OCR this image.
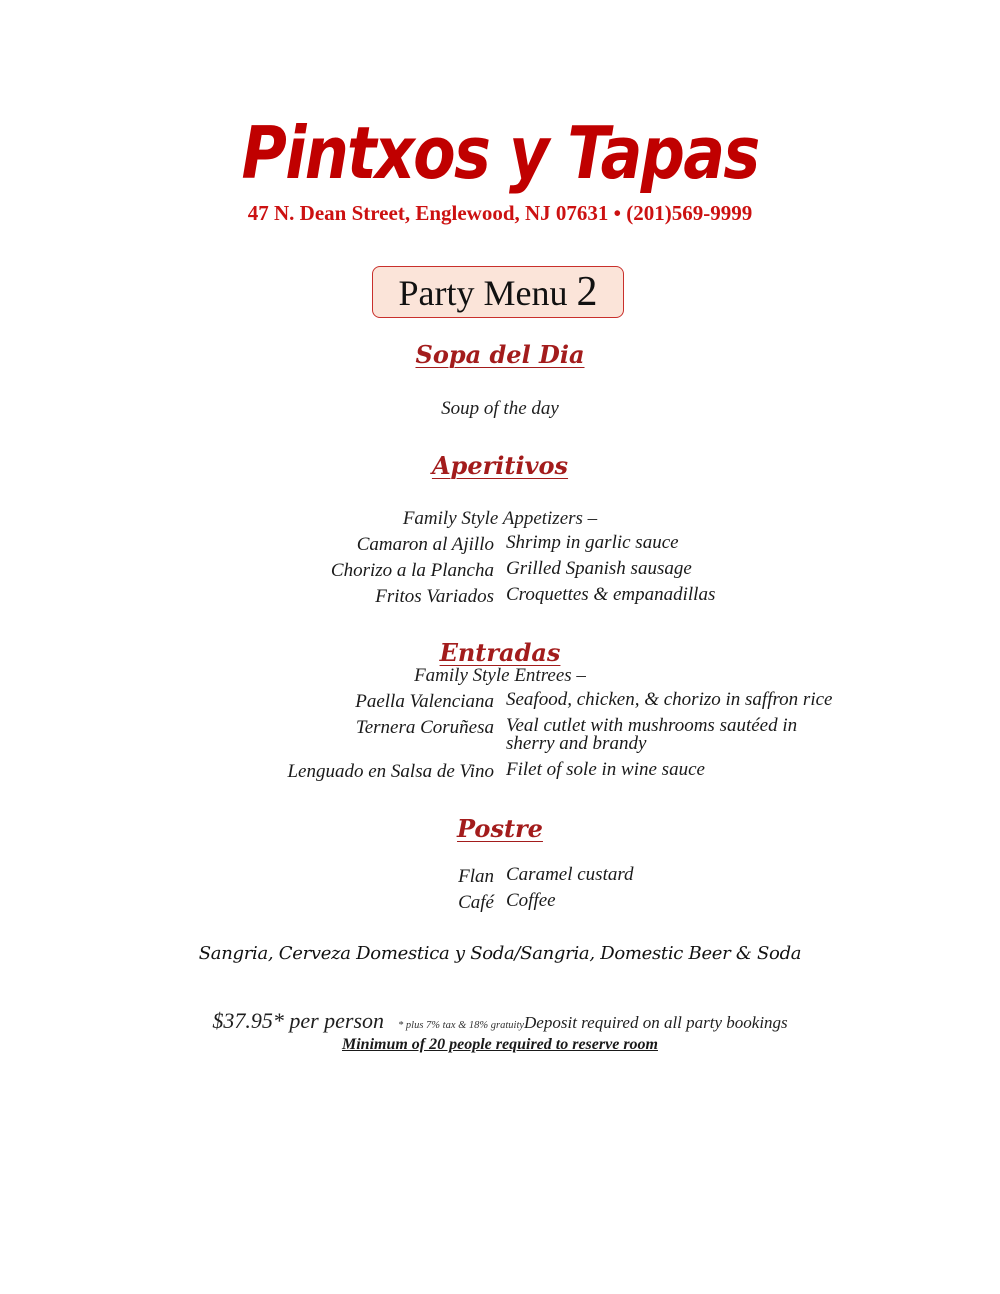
Pintxos y Tapas
47 N. Dean Street, Englewood, NJ 07631 • (201)569-9999
Party Menu 2
Sopa del Dia
Soup of the day
Aperitivos
Family Style Appetizers –
Camaron al Ajillo Shrimp in garlic sauce
Chorizo a la Plancha Grilled Spanish sausage
Fritos Variados Croquettes & empanadillas
Entradas
Family Style Entrees –
Paella Valenciana Seafood, chicken, & chorizo in saffron rice
Ternera Coruñesa Veal cutlet with mushrooms sautéed in sherry and brandy
Lenguado en Salsa de Vino Filet of sole in wine sauce
Postre
Flan Caramel custard
Café Coffee
Sangria, Cerveza Domestica y Soda/Sangria, Domestic Beer & Soda
$37.95* per person * plus 7% tax & 18% gratuityDeposit required on all party bookings
Minimum of 20 people required to reserve room
